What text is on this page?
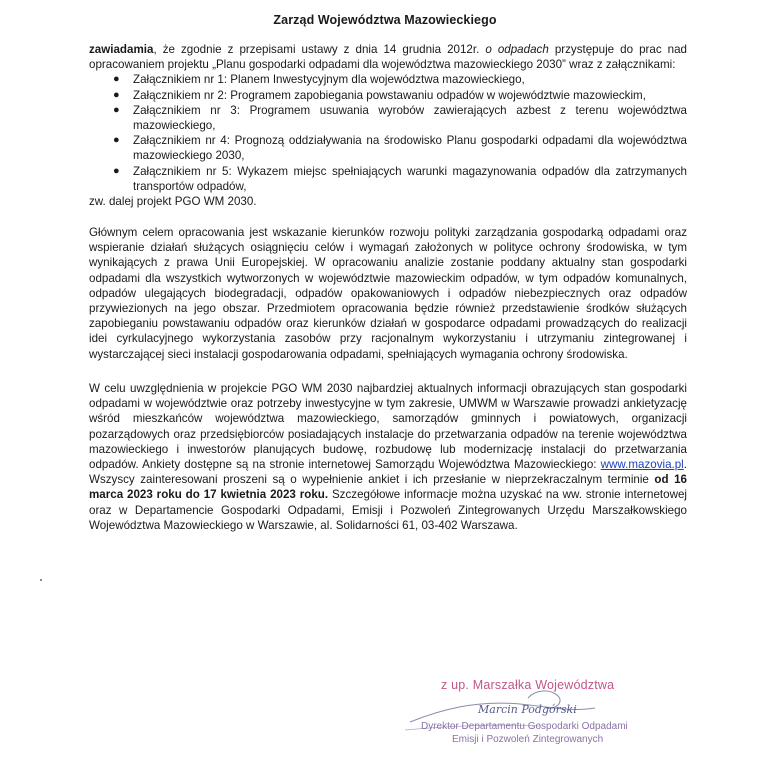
Zarząd Województwa Mazowieckiego

zawiadamia, że zgodnie z przepisami ustawy z dnia 14 grudnia 2012r. o odpadach przystępuje do prac nad opracowaniem projektu „Planu gospodarki odpadami dla województwa mazowieckiego 2030” wraz z załącznikami:

● Załącznikiem nr 1: Planem Inwestycyjnym dla województwa mazowieckiego,
● Załącznikiem nr 2: Programem zapobiegania powstawaniu odpadów w województwie mazowieckim,
● Załącznikiem nr 3: Programem usuwania wyrobów zawierających azbest z terenu województwa mazowieckiego,
● Załącznikiem nr 4: Prognozą oddziaływania na środowisko Planu gospodarki odpadami dla województwa mazowieckiego 2030,
● Załącznikiem nr 5: Wykazem miejsc spełniających warunki magazynowania odpadów dla zatrzymanych transportów odpadów,

zw. dalej projekt PGO WM 2030.

Głównym celem opracowania jest wskazanie kierunków rozwoju polityki zarządzania gospodarką odpadami oraz wspieranie działań służących osiągnięciu celów i wymagań założonych w polityce ochrony środowiska, w tym wynikających z prawa Unii Europejskiej. W opracowaniu analizie zostanie poddany aktualny stan gospodarki odpadami dla wszystkich wytworzonych w województwie mazowieckim odpadów, w tym odpadów komunalnych, odpadów ulegających biodegradacji, odpadów opakowaniowych i odpadów niebezpiecznych oraz odpadów przywiezionych na jego obszar. Przedmiotem opracowania będzie również przedstawienie środków służących zapobieganiu powstawaniu odpadów oraz kierunków działań w gospodarce odpadami prowadzących do realizacji idei cyrkulacyjnego wykorzystania zasobów przy racjonalnym wykorzystaniu i utrzymaniu zintegrowanej i wystarczającej sieci instalacji gospodarowania odpadami, spełniających wymagania ochrony środowiska.

W celu uwzględnienia w projekcie PGO WM 2030 najbardziej aktualnych informacji obrazujących stan gospodarki odpadami w województwie oraz potrzeby inwestycyjne w tym zakresie, UMWM w Warszawie prowadzi ankietyzację wśród mieszkańców województwa mazowieckiego, samorządów gminnych i powiatowych, organizacji pozarządowych oraz przedsiębiorców posiadających instalacje do przetwarzania odpadów na terenie województwa mazowieckiego i inwestorów planujących budowę, rozbudowę lub modernizację instalacji do przetwarzania odpadów. Ankiety dostępne są na stronie internetowej Samorządu Województwa Mazowieckiego: www.mazovia.pl. Wszyscy zainteresowani proszeni są o wypełnienie ankiet i ich przesłanie w nieprzekraczalnym terminie od 16 marca 2023 roku do 17 kwietnia 2023 roku. Szczegółowe informacje można uzyskać na ww. stronie internetowej oraz w Departamencie Gospodarki Odpadami, Emisji i Pozwoleń Zintegrowanych Urzędu Marszałkowskiego Województwa Mazowieckiego w Warszawie, al. Solidarności 61, 03-402 Warszawa.

z up. Marszałka Województwa
Marcin Podgórski
Dyrektor Departamentu Gospodarki Odpadami
Emisji i Pozwoleń Zintegrowanych
